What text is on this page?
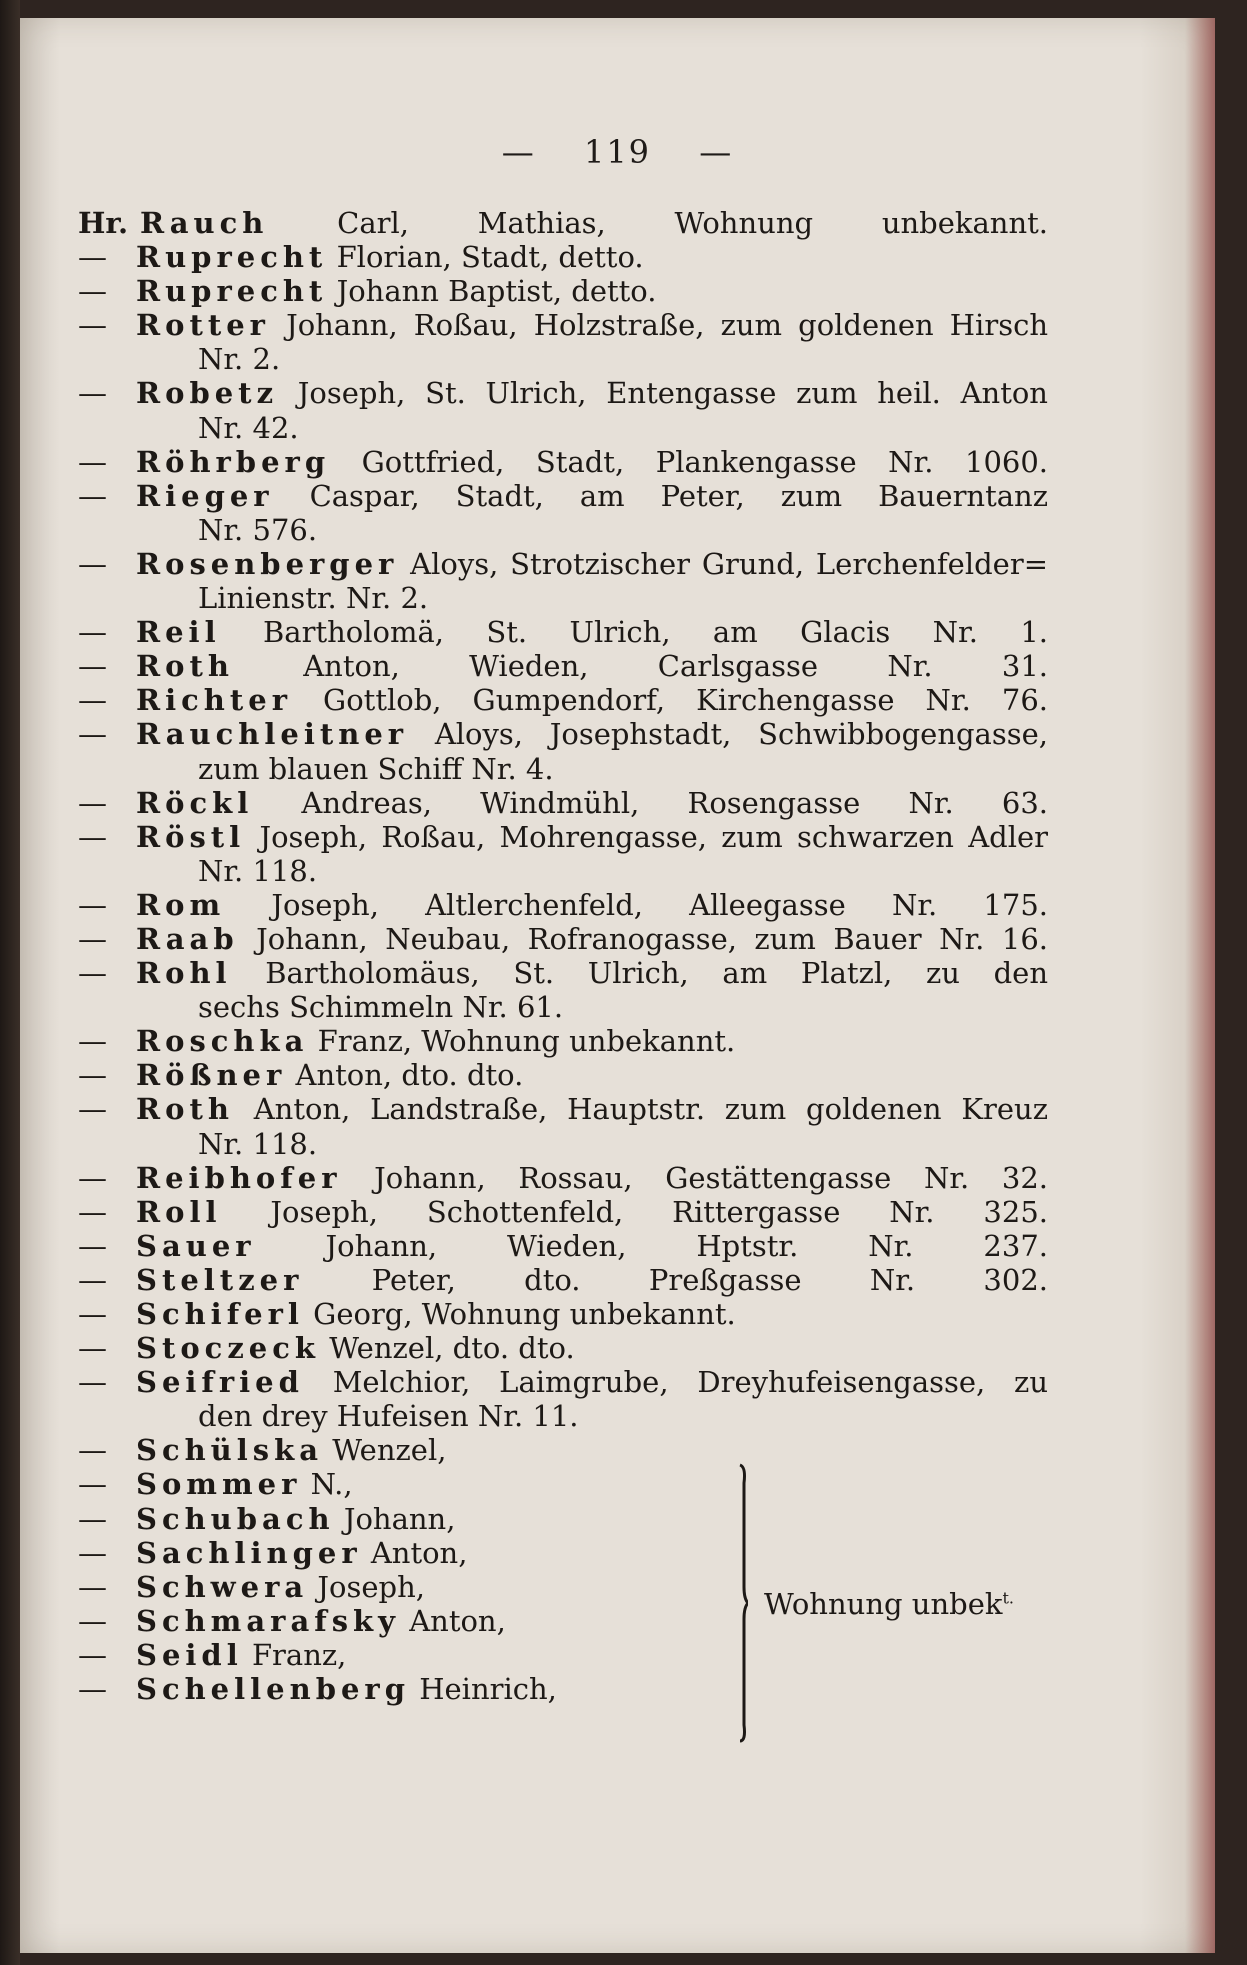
— 119 —
Hr. Rauch Carl, Mathias, Wohnung unbekannt.
— Ruprecht Florian, Stadt, detto.
— Ruprecht Johann Baptist, detto.
— Rotter Johann, Roßau, Holzstraße, zum goldenen Hirsch
Nr. 2.
— Robetz Joseph, St. Ulrich, Entengasse zum heil. Anton
Nr. 42.
— Röhrberg Gottfried, Stadt, Plankengasse Nr. 1060.
— Rieger Caspar, Stadt, am Peter, zum Bauerntanz
Nr. 576.
— Rosenberger Aloys, Strotzischer Grund, Lerchenfelder=
Linienstr. Nr. 2.
— Reil Bartholomä, St. Ulrich, am Glacis Nr. 1.
— Roth Anton, Wieden, Carlsgasse Nr. 31.
— Richter Gottlob, Gumpendorf, Kirchengasse Nr. 76.
— Rauchleitner Aloys, Josephstadt, Schwibbogengasse,
zum blauen Schiff Nr. 4.
— Röckl Andreas, Windmühl, Rosengasse Nr. 63.
— Röstl Joseph, Roßau, Mohrengasse, zum schwarzen Adler
Nr. 118.
— Rom Joseph, Altlerchenfeld, Alleegasse Nr. 175.
— Raab Johann, Neubau, Rofranogasse, zum Bauer Nr. 16.
— Rohl Bartholomäus, St. Ulrich, am Platzl, zu den
sechs Schimmeln Nr. 61.
— Roschka Franz, Wohnung unbekannt.
— Rößner Anton, dto. dto.
— Roth Anton, Landstraße, Hauptstr. zum goldenen Kreuz
Nr. 118.
— Reibhofer Johann, Rossau, Gestättengasse Nr. 32.
— Roll Joseph, Schottenfeld, Rittergasse Nr. 325.
— Sauer Johann, Wieden, Hptstr. Nr. 237.
— Steltzer Peter, dto. Preßgasse Nr. 302.
— Schiferl Georg, Wohnung unbekannt.
— Stoczeck Wenzel, dto. dto.
— Seifried Melchior, Laimgrube, Dreyhufeisengasse, zu
den drey Hufeisen Nr. 11.
— Schülska Wenzel,
— Sommer N.,
— Schubach Johann,
— Sachlinger Anton,
— Schwera Joseph,
— Schmarafsky Anton,
— Seidl Franz,
— Schellenberg Heinrich,
Wohnung unbek$^{t.}$
